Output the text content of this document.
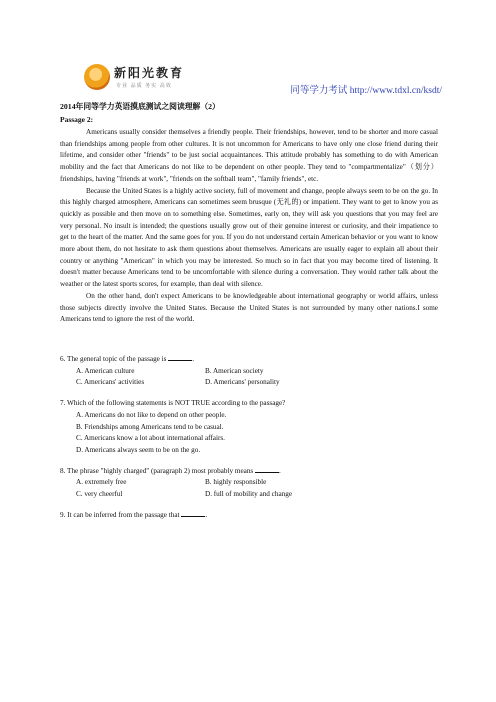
新阳光教育
专业 品质 务实 高效	同等学力考试 http://www.tdxl.cn/ksdt/
2014年同等学力英语摸底测试之阅读理解（2）
Passage 2:

Americans usually consider themselves a friendly people. Their friendships, however, tend to be shorter and more casual than friendships among people from other cultures. It is not uncommon for Americans to have only one close friend during their lifetime, and consider other "friends" to be just social acquaintances. This attitude probably has something to do with American mobility and the fact that Americans do not like to be dependent on other people. They tend to "compartmentalize"（划分）friendships, having "friends at work", "friends on the softball team", "family friends", etc.

Because the United States is a highly active society, full of movement and change, people always seem to be on the go. In this highly charged atmosphere, Americans can sometimes seem brusque (无礼的) or impatient. They want to get to know you as quickly as possible and then move on to something else. Sometimes, early on, they will ask you questions that you may feel are very personal. No insult is intended; the questions usually grow out of their genuine interest or curiosity, and their impatience to get to the heart of the matter. And the same goes for you. If you do not understand certain American behavior or you want to know more about them, do not hesitate to ask them questions about themselves. Americans are usually eager to explain all about their country or anything "American" in which you may be interested. So much so in fact that you may become tired of listening. It doesn't matter because Americans tend to be uncomfortable with silence during a conversation. They would rather talk about the weather or the latest sports scores, for example, than deal with silence.

On the other hand, don't expect Americans to be knowledgeable about international geography or world affairs, unless those subjects directly involve the United States. Because the United States is not surrounded by many other nations.I some Americans tend to ignore the rest of the world.

6. The general topic of the passage is	.
A. American culture	B. American society
C. Americans' activities	D. Americans' personality
7. Which of the following statements is NOT TRUE according to the passage?
A. Americans do not like to depend on other people.
B. Friendships among Americans tend to be casual.
C. Americans know a lot about international affairs.
D. Americans always seem to be on the go.
8. The phrase "highly charged" (paragraph 2) most probably means	.
A. extremely free	B. highly responsible
C. very cheerful	D. full of mobility and change
9. It can be inferred from the passage that	.
